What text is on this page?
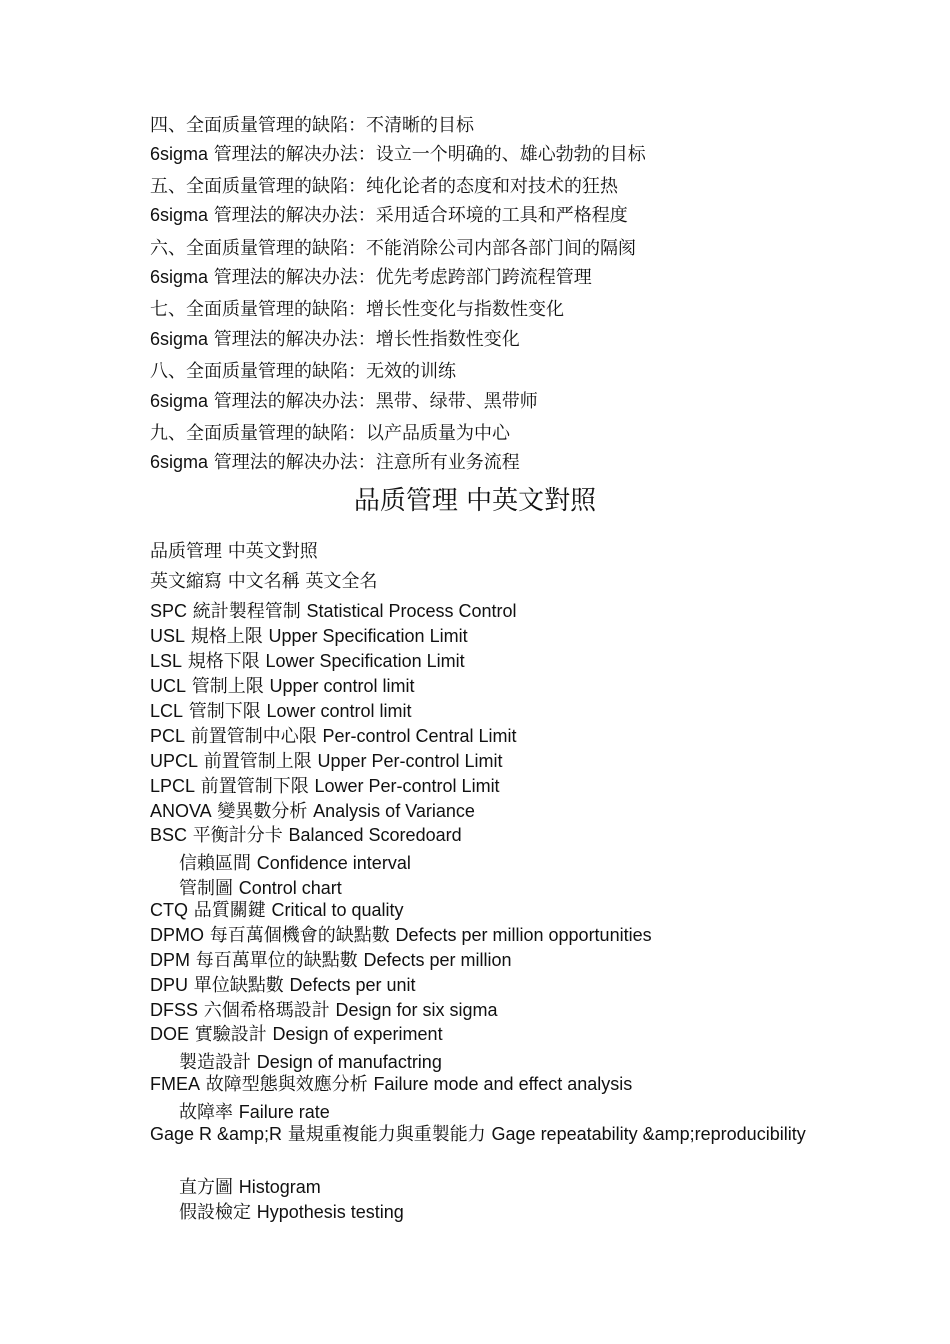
四、全面质量管理的缺陷：不清晰的目标
6sigma 管理法的解决办法：设立一个明确的、雄心勃勃的目标
五、全面质量管理的缺陷：纯化论者的态度和对技术的狂热
6sigma 管理法的解决办法：采用适合环境的工具和严格程度
六、全面质量管理的缺陷：不能消除公司内部各部门间的隔阂
6sigma 管理法的解决办法：优先考虑跨部门跨流程管理
七、全面质量管理的缺陷：增长性变化与指数性变化
6sigma 管理法的解决办法：增长性指数性变化
八、全面质量管理的缺陷：无效的训练
6sigma 管理法的解决办法：黑带、绿带、黑带师
九、全面质量管理的缺陷：以产品质量为中心
6sigma 管理法的解决办法：注意所有业务流程
品质管理 中英文對照
品质管理 中英文對照
英文縮寫 中文名稱 英文全名
SPC 統計製程管制 Statistical Process Control
USL 規格上限 Upper Specification Limit
LSL 規格下限 Lower Specification Limit
UCL 管制上限 Upper control limit
LCL 管制下限 Lower control limit
PCL 前置管制中心限 Per-control Central Limit
UPCL 前置管制上限 Upper Per-control Limit
LPCL 前置管制下限 Lower Per-control Limit
ANOVA 變異數分析 Analysis of Variance
BSC 平衡計分卡 Balanced Scoredoard
信賴區間 Confidence interval
管制圖 Control chart
CTQ 品質關鍵 Critical to quality
DPMO 每百萬個機會的缺點數 Defects per million opportunities
DPM 每百萬單位的缺點數 Defects per million
DPU 單位缺點數 Defects per unit
DFSS 六個希格瑪設計 Design for six sigma
DOE 實驗設計 Design of experiment
製造設計 Design of manufactring
FMEA 故障型態與效應分析 Failure mode and effect analysis
故障率 Failure rate
Gage R &amp;R 量規重複能力與重製能力 Gage repeatability &amp;reproducibility
直方圖 Histogram
假設檢定 Hypothesis testing
